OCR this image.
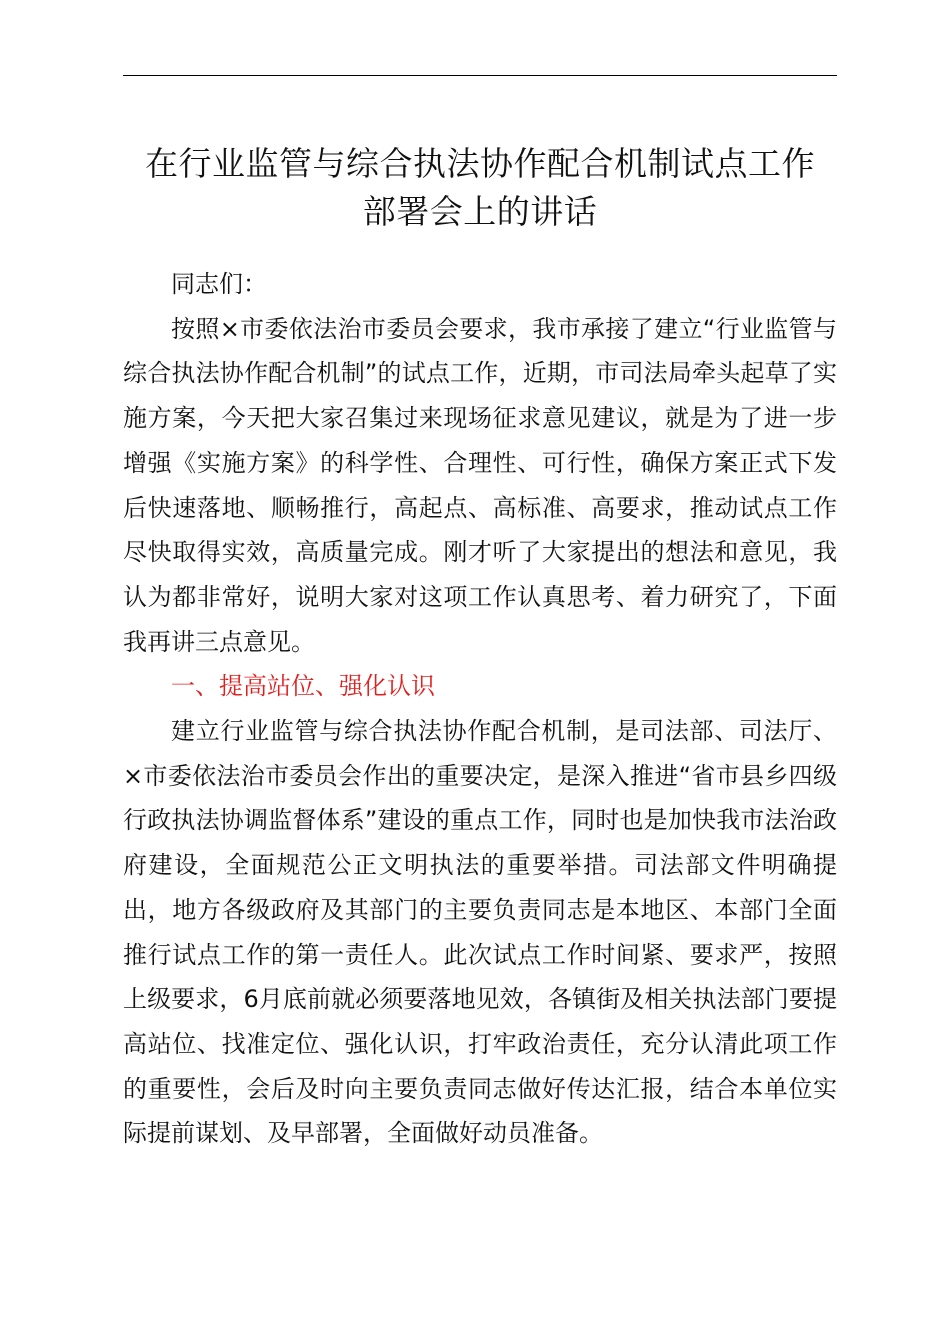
在行业监管与综合执法协作配合机制试点工作
部署会上的讲话

同志们：

按照×市委依法治市委员会要求，我市承接了建立“行业监管与综合执法协作配合机制”的试点工作，近期，市司法局牵头起草了实施方案，今天把大家召集过来现场征求意见建议，就是为了进一步增强《实施方案》的科学性、合理性、可行性，确保方案正式下发后快速落地、顺畅推行，高起点、高标准、高要求，推动试点工作尽快取得实效，高质量完成。刚才听了大家提出的想法和意见，我认为都非常好，说明大家对这项工作认真思考、着力研究了，下面我再讲三点意见。

一、提高站位、强化认识

建立行业监管与综合执法协作配合机制，是司法部、司法厅、×市委依法治市委员会作出的重要决定，是深入推进“省市县乡四级行政执法协调监督体系”建设的重点工作，同时也是加快我市法治政府建设，全面规范公正文明执法的重要举措。司法部文件明确提出，地方各级政府及其部门的主要负责同志是本地区、本部门全面推行试点工作的第一责任人。此次试点工作时间紧、要求严，按照上级要求，6月底前就必须要落地见效，各镇街及相关执法部门要提高站位、找准定位、强化认识，打牢政治责任，充分认清此项工作的重要性，会后及时向主要负责同志做好传达汇报，结合本单位实际提前谋划、及早部署，全面做好动员准备。
